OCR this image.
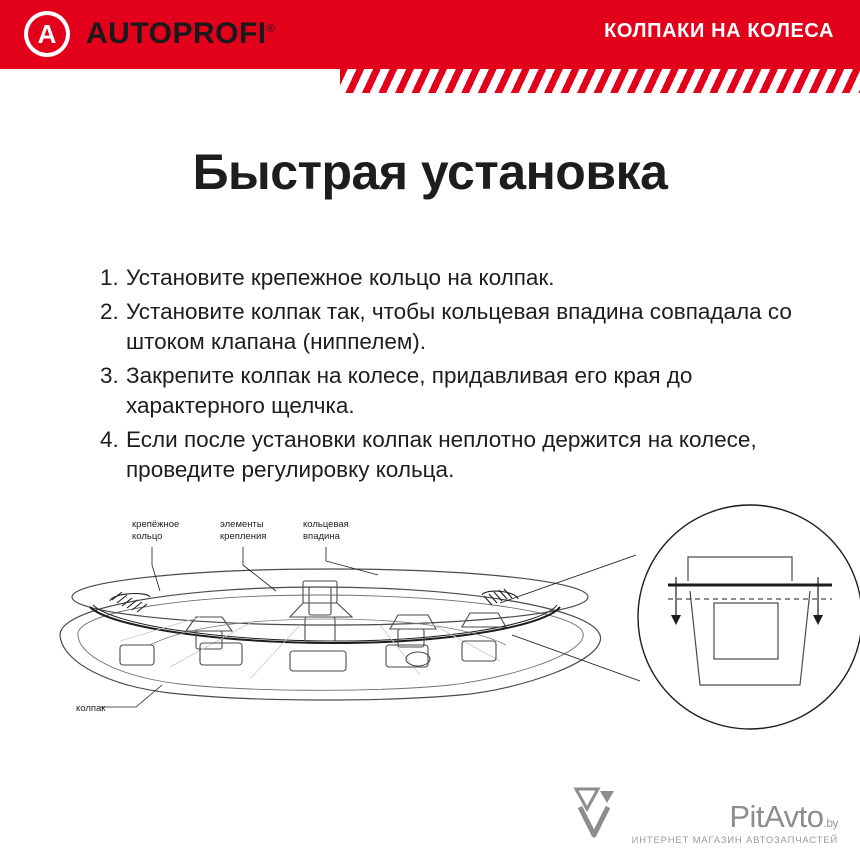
A AUTOPROFI®	КОЛПАКИ НА КОЛЕСА
Быстрая установка
1. Установите крепежное кольцо на колпак.
2. Установите колпак так, чтобы кольцевая впадина совпадала со штоком клапана (ниппелем).
3. Закрепите колпак на колесе, придавливая его края до характерного щелчка.
4. Если после установки колпак неплотно держится на колесе, проведите регулировку кольца.
крепёжное
кольцо
элементы
крепления
кольцевая
впадина
колпак
PitAvto.by
ИНТЕРНЕТ МАГАЗИН АВТОЗАПЧАСТЕЙ
